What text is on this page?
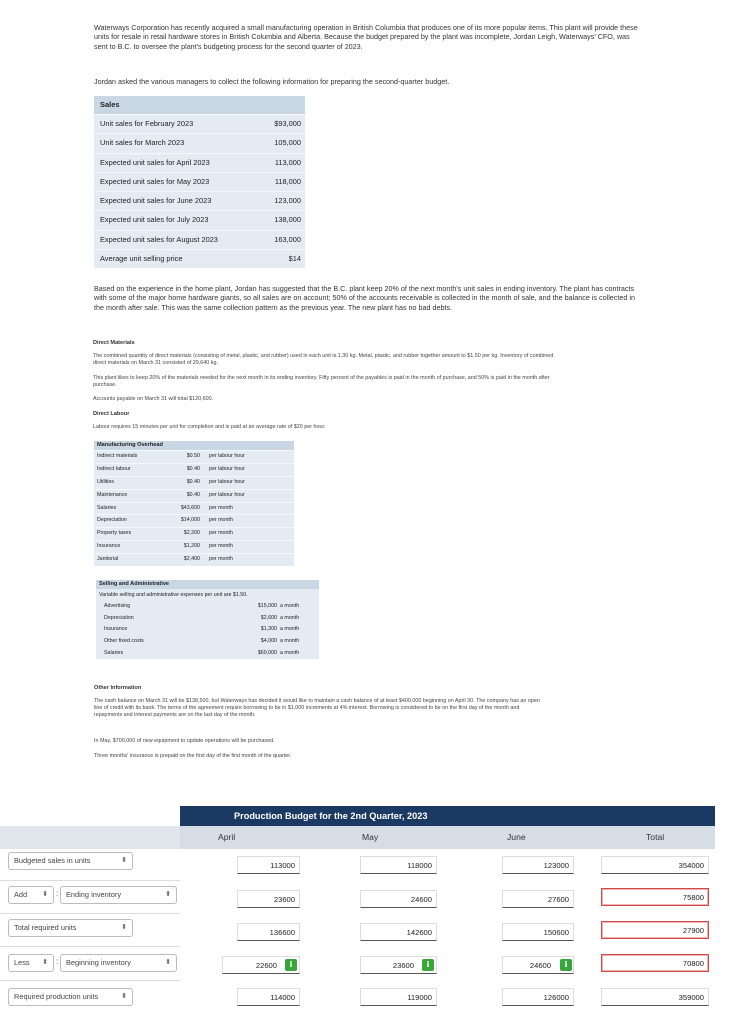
Waterways Corporation has recently acquired a small manufacturing operation in British Columbia that produces one of its more popular items. This plant will provide these units for resale in retail hardware stores in British Columbia and Alberta. Because the budget prepared by the plant was incomplete, Jordan Leigh, Waterways' CFO, was sent to B.C. to oversee the plant's budgeting process for the second quarter of 2023.
Jordan asked the various managers to collect the following information for preparing the second-quarter budget.
Sales
Unit sales for February 2023	$93,000
Unit sales for March 2023	105,000
Expected unit sales for April 2023	113,000
Expected unit sales for May 2023	118,000
Expected unit sales for June 2023	123,000
Expected unit sales for July 2023	138,000
Expected unit sales for August 2023	163,000
Average unit selling price	$14
Based on the experience in the home plant, Jordan has suggested that the B.C. plant keep 20% of the next month's unit sales in ending inventory. The plant has contracts with some of the major home hardware giants, so all sales are on account; 50% of the accounts receivable is collected in the month of sale, and the balance is collected in the month after sale. This was the same collection pattern as the previous year. The new plant has no bad debts.
Direct Materials
The combined quantity of direct materials (consisting of metal, plastic, and rubber) used in each unit is 1.30 kg. Metal, plastic, and rubber together amount to $1.50 per kg. Inventory of combined direct materials on March 31 consisted of 29,640 kg.
This plant likes to keep 20% of the materials needed for the next month in its ending inventory. Fifty percent of the payables is paid in the month of purchase, and 50% is paid in the month after purchase.
Accounts payable on March 31 will total $120,600.
Direct Labour
Labour requires 15 minutes per unit for completion and is paid at an average rate of $20 per hour.
Manufacturing Overhead
Indirect materials	$0.50 per labour hour
Indirect labour	$0.40 per labour hour
Utilities	$0.40 per labour hour
Maintenance	$0.40 per labour hour
Salaries	$43,600 per month
Depreciation	$14,000 per month
Property taxes	$2,200 per month
Insurance	$1,200 per month
Janitorial	$2,400 per month
Selling and Administrative
Variable selling and administrative expenses per unit are $1.50.
Advertising	$15,000 a month
Depreciation	$2,600 a month
Insurance	$1,300 a month
Other fixed costs	$4,000 a month
Salaries	$60,000 a month
Other Information
The cash balance on March 31 will be $138,500, but Waterways has decided it would like to maintain a cash balance of at least $400,000 beginning on April 30. The company has an open line of credit with its bank. The terms of the agreement require borrowing to be in $1,000 increments at 4% interest. Borrowing is considered to be on the first day of the month and repayments and interest payments are on the last day of the month.
In May, $700,000 of new equipment to update operations will be purchased.
Three months' insurance is prepaid on the first day of the first month of the quarter.
Production Budget for the 2nd Quarter, 2023
April	May	June	Total
Budgeted sales in units	⬍
113000	118000	123000	354000
Add ⬍ :	Ending inventory	⬍
23600	24600	27600	75800
Total required units	⬍
136600	142600	150600	27900
Less ⬍ :	Beginning inventory	⬍	22600	i	23600	i	24600	i	70800
Required production units	⬍	114000	119000	126000	359000
